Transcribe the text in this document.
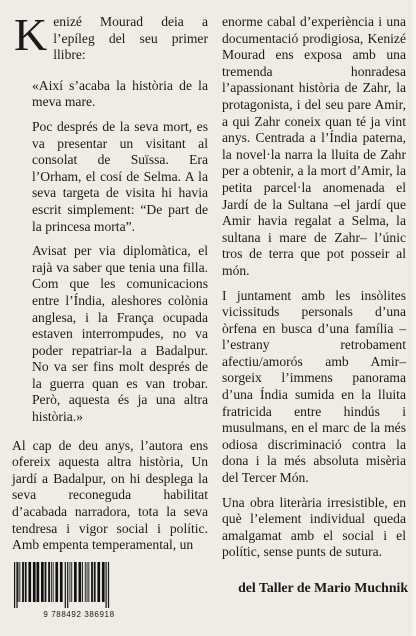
Kenizé Mourad deia a l’epíleg del seu primer llibre:

«Així s’acaba la història de la meva mare.

Poc després de la seva mort, es va presentar un visitant al consolat de Suïssa. Era l’Orham, el cosí de Selma. A la seva targeta de visita hi havia escrit simplement: “De part de la princesa morta”.

Avisat per via diplomàtica, el rajà va saber que tenia una filla. Com que les comunicacions entre l’Índia, aleshores colònia anglesa, i la França ocupada estaven interrompudes, no va poder repatriar-la a Badalpur. No va ser fins molt després de la guerra quan es van trobar. Però, aquesta és ja una altra història.»

Al cap de deu anys, l’autora ens ofereix aquesta altra història, Un jardí a Badalpur, on hi desplega la seva reconeguda habilitat d’acabada narradora, tota la seva tendresa i vigor social i polític. Amb empenta temperamental, un

enorme cabal d’experiència i una documentació prodigiosa, Kenizé Mourad ens exposa amb una tremenda honradesa l’apassionant història de Zahr, la protagonista, i del seu pare Amir, a qui Zahr coneix quan té ja vint anys. Centrada a l’Índia paterna, la novel·la narra la lluita de Zahr per a obtenir, a la mort d’Amir, la petita parcel·la anomenada el Jardí de la Sultana –el jardí que Amir havia regalat a Selma, la sultana i mare de Zahr– l’únic tros de terra que pot posseir al món.

I juntament amb les insòlites vicissituds personals d’una òrfena en busca d’una família –l’estrany retrobament afectiu/amorós amb Amir– sorgeix l’immens panorama d’una Índia sumida en la lluita fratricida entre hindús i musulmans, en el marc de la més odiosa discriminació contra la dona i la més absoluta misèria del Tercer Món.

Una obra literària irresistible, en què l’element individual queda amalgamat amb el social i el polític, sense punts de sutura.

9 788492 386918
del Taller de Mario Muchnik
